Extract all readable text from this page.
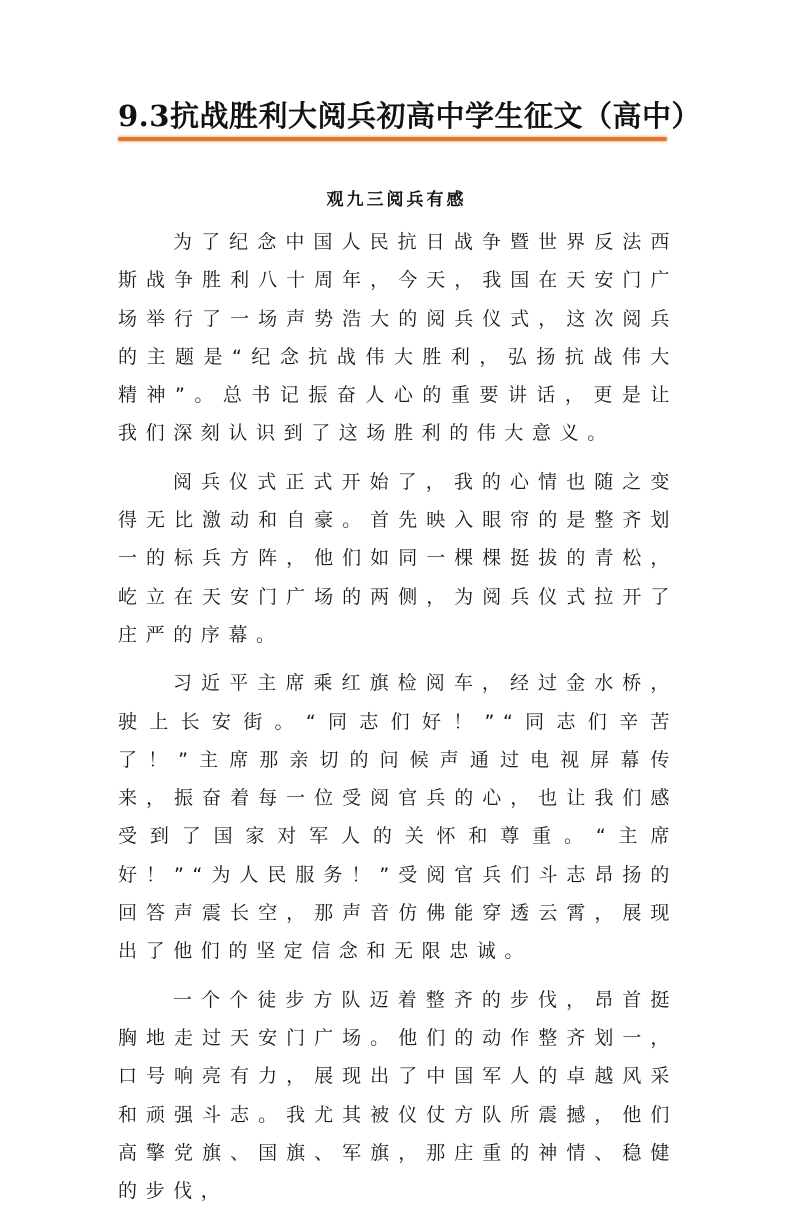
9.3抗战胜利大阅兵初高中学生征文（高中）
观九三阅兵有感

为了纪念中国人民抗日战争暨世界反法西斯战争胜利八十周年，今天，我国在天安门广场举行了一场声势浩大的阅兵仪式，这次阅兵的主题是“纪念抗战伟大胜利，弘扬抗战伟大精神”。总书记振奋人心的重要讲话，更是让我们深刻认识到了这场胜利的伟大意义。

阅兵仪式正式开始了，我的心情也随之变得无比激动和自豪。首先映入眼帘的是整齐划一的标兵方阵，他们如同一棵棵挺拔的青松，屹立在天安门广场的两侧，为阅兵仪式拉开了庄严的序幕。

习近平主席乘红旗检阅车，经过金水桥，驶上长安街。“同志们好！”“同志们辛苦了！”主席那亲切的问候声通过电视屏幕传来，振奋着每一位受阅官兵的心，也让我们感受到了国家对军人的关怀和尊重。“主席好！”“为人民服务！”受阅官兵们斗志昂扬的回答声震长空，那声音仿佛能穿透云霄，展现出了他们的坚定信念和无限忠诚。

一个个徒步方队迈着整齐的步伐，昂首挺胸地走过天安门广场。他们的动作整齐划一，口号响亮有力，展现出了中国军人的卓越风采和顽强斗志。我尤其被仪仗方队所震撼，他们高擎党旗、国旗、军旗，那庄重的神情、稳健的步伐，
